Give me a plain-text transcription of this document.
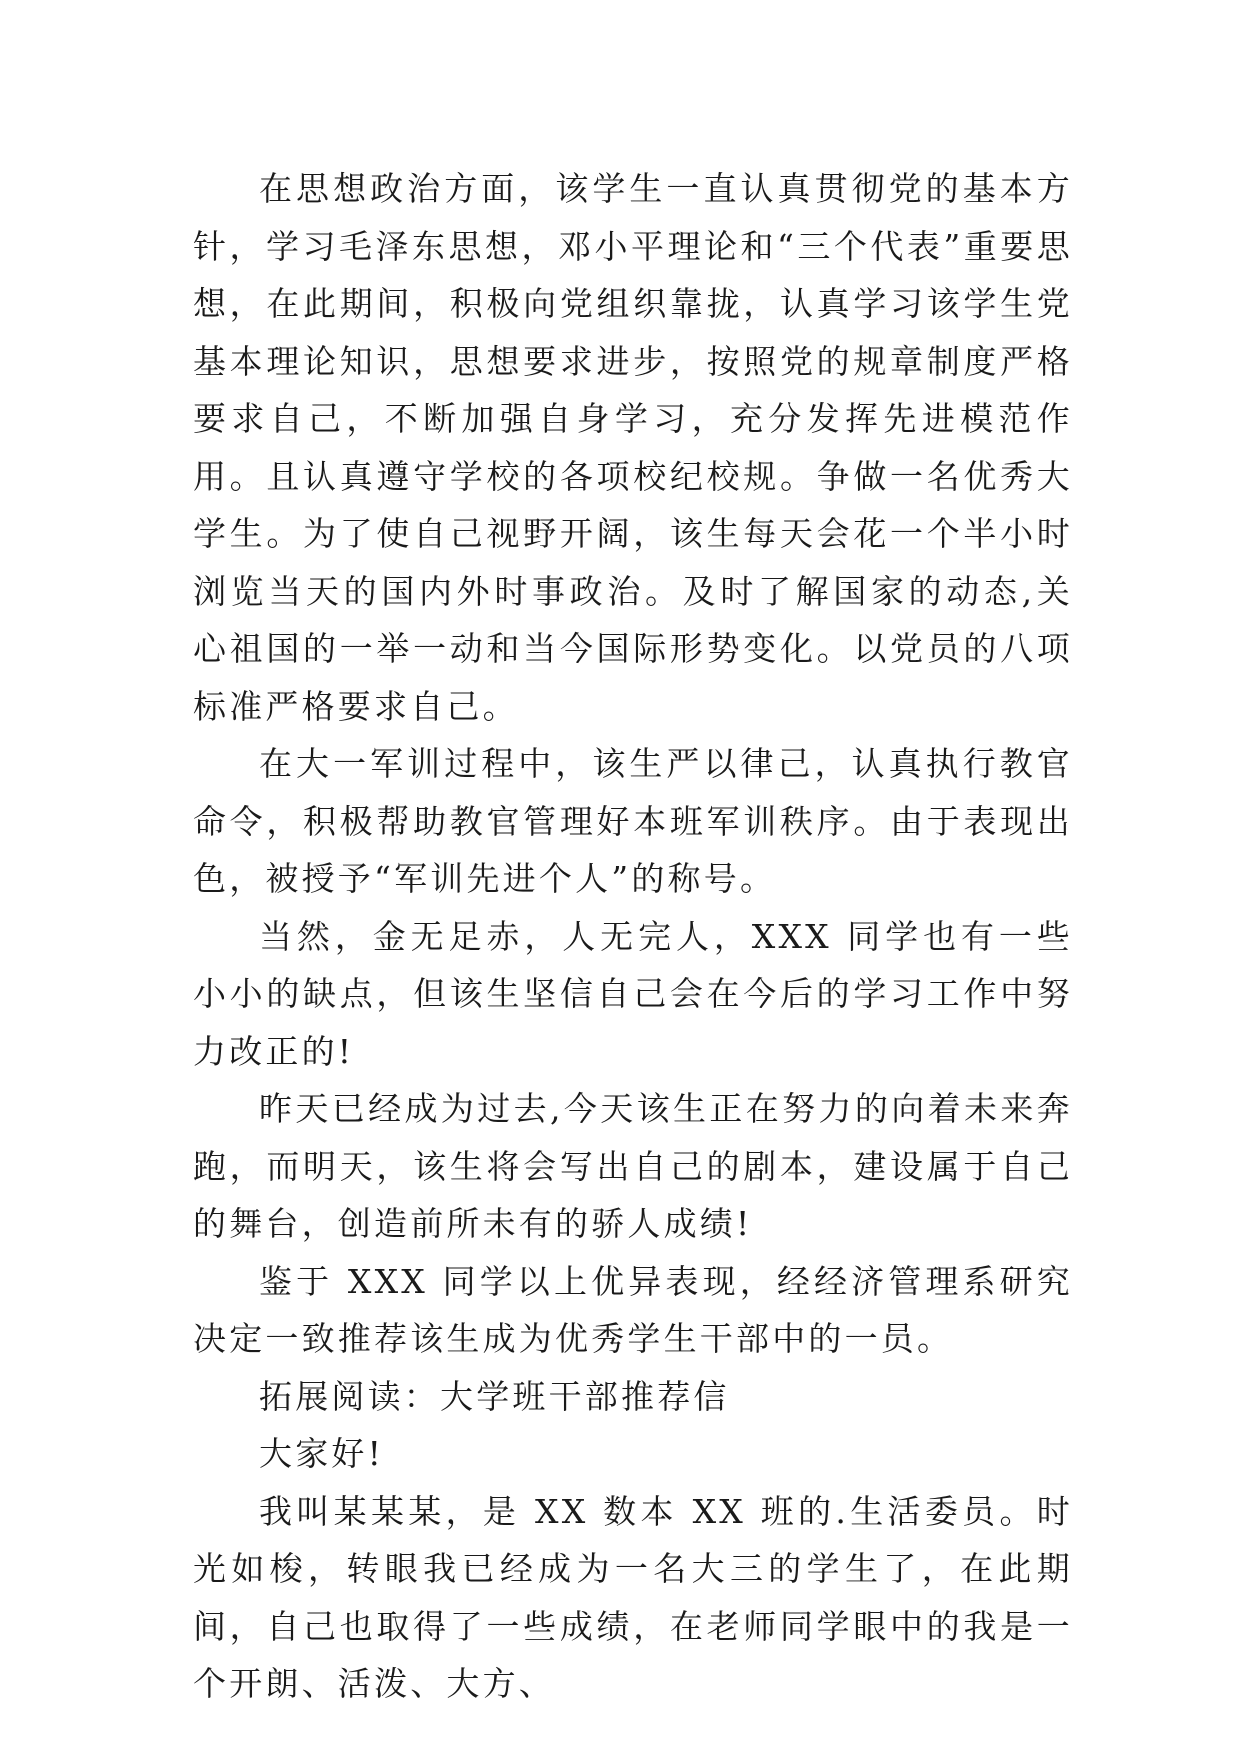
在思想政治方面，该学生一直认真贯彻党的基本方针，学习毛泽东思想，邓小平理论和“三个代表”重要思想，在此期间，积极向党组织靠拢，认真学习该学生党基本理论知识，思想要求进步，按照党的规章制度严格要求自己，不断加强自身学习，充分发挥先进模范作用。且认真遵守学校的各项校纪校规。争做一名优秀大学生。为了使自己视野开阔，该生每天会花一个半小时浏览当天的国内外时事政治。及时了解国家的动态,关心祖国的一举一动和当今国际形势变化。以党员的八项标准严格要求自己。

在大一军训过程中，该生严以律己，认真执行教官命令，积极帮助教官管理好本班军训秩序。由于表现出色，被授予“军训先进个人”的称号。

当然，金无足赤，人无完人，XXX 同学也有一些小小的缺点，但该生坚信自己会在今后的学习工作中努力改正的!

昨天已经成为过去,今天该生正在努力的向着未来奔跑，而明天，该生将会写出自己的剧本，建设属于自己的舞台，创造前所未有的骄人成绩!

鉴于 XXX 同学以上优异表现，经经济管理系研究决定一致推荐该生成为优秀学生干部中的一员。

拓展阅读：大学班干部推荐信

大家好!

我叫某某某，是 XX 数本 XX 班的.生活委员。时光如梭，转眼我已经成为一名大三的学生了，在此期间，自己也取得了一些成绩，在老师同学眼中的我是一个开朗、活泼、大方、
